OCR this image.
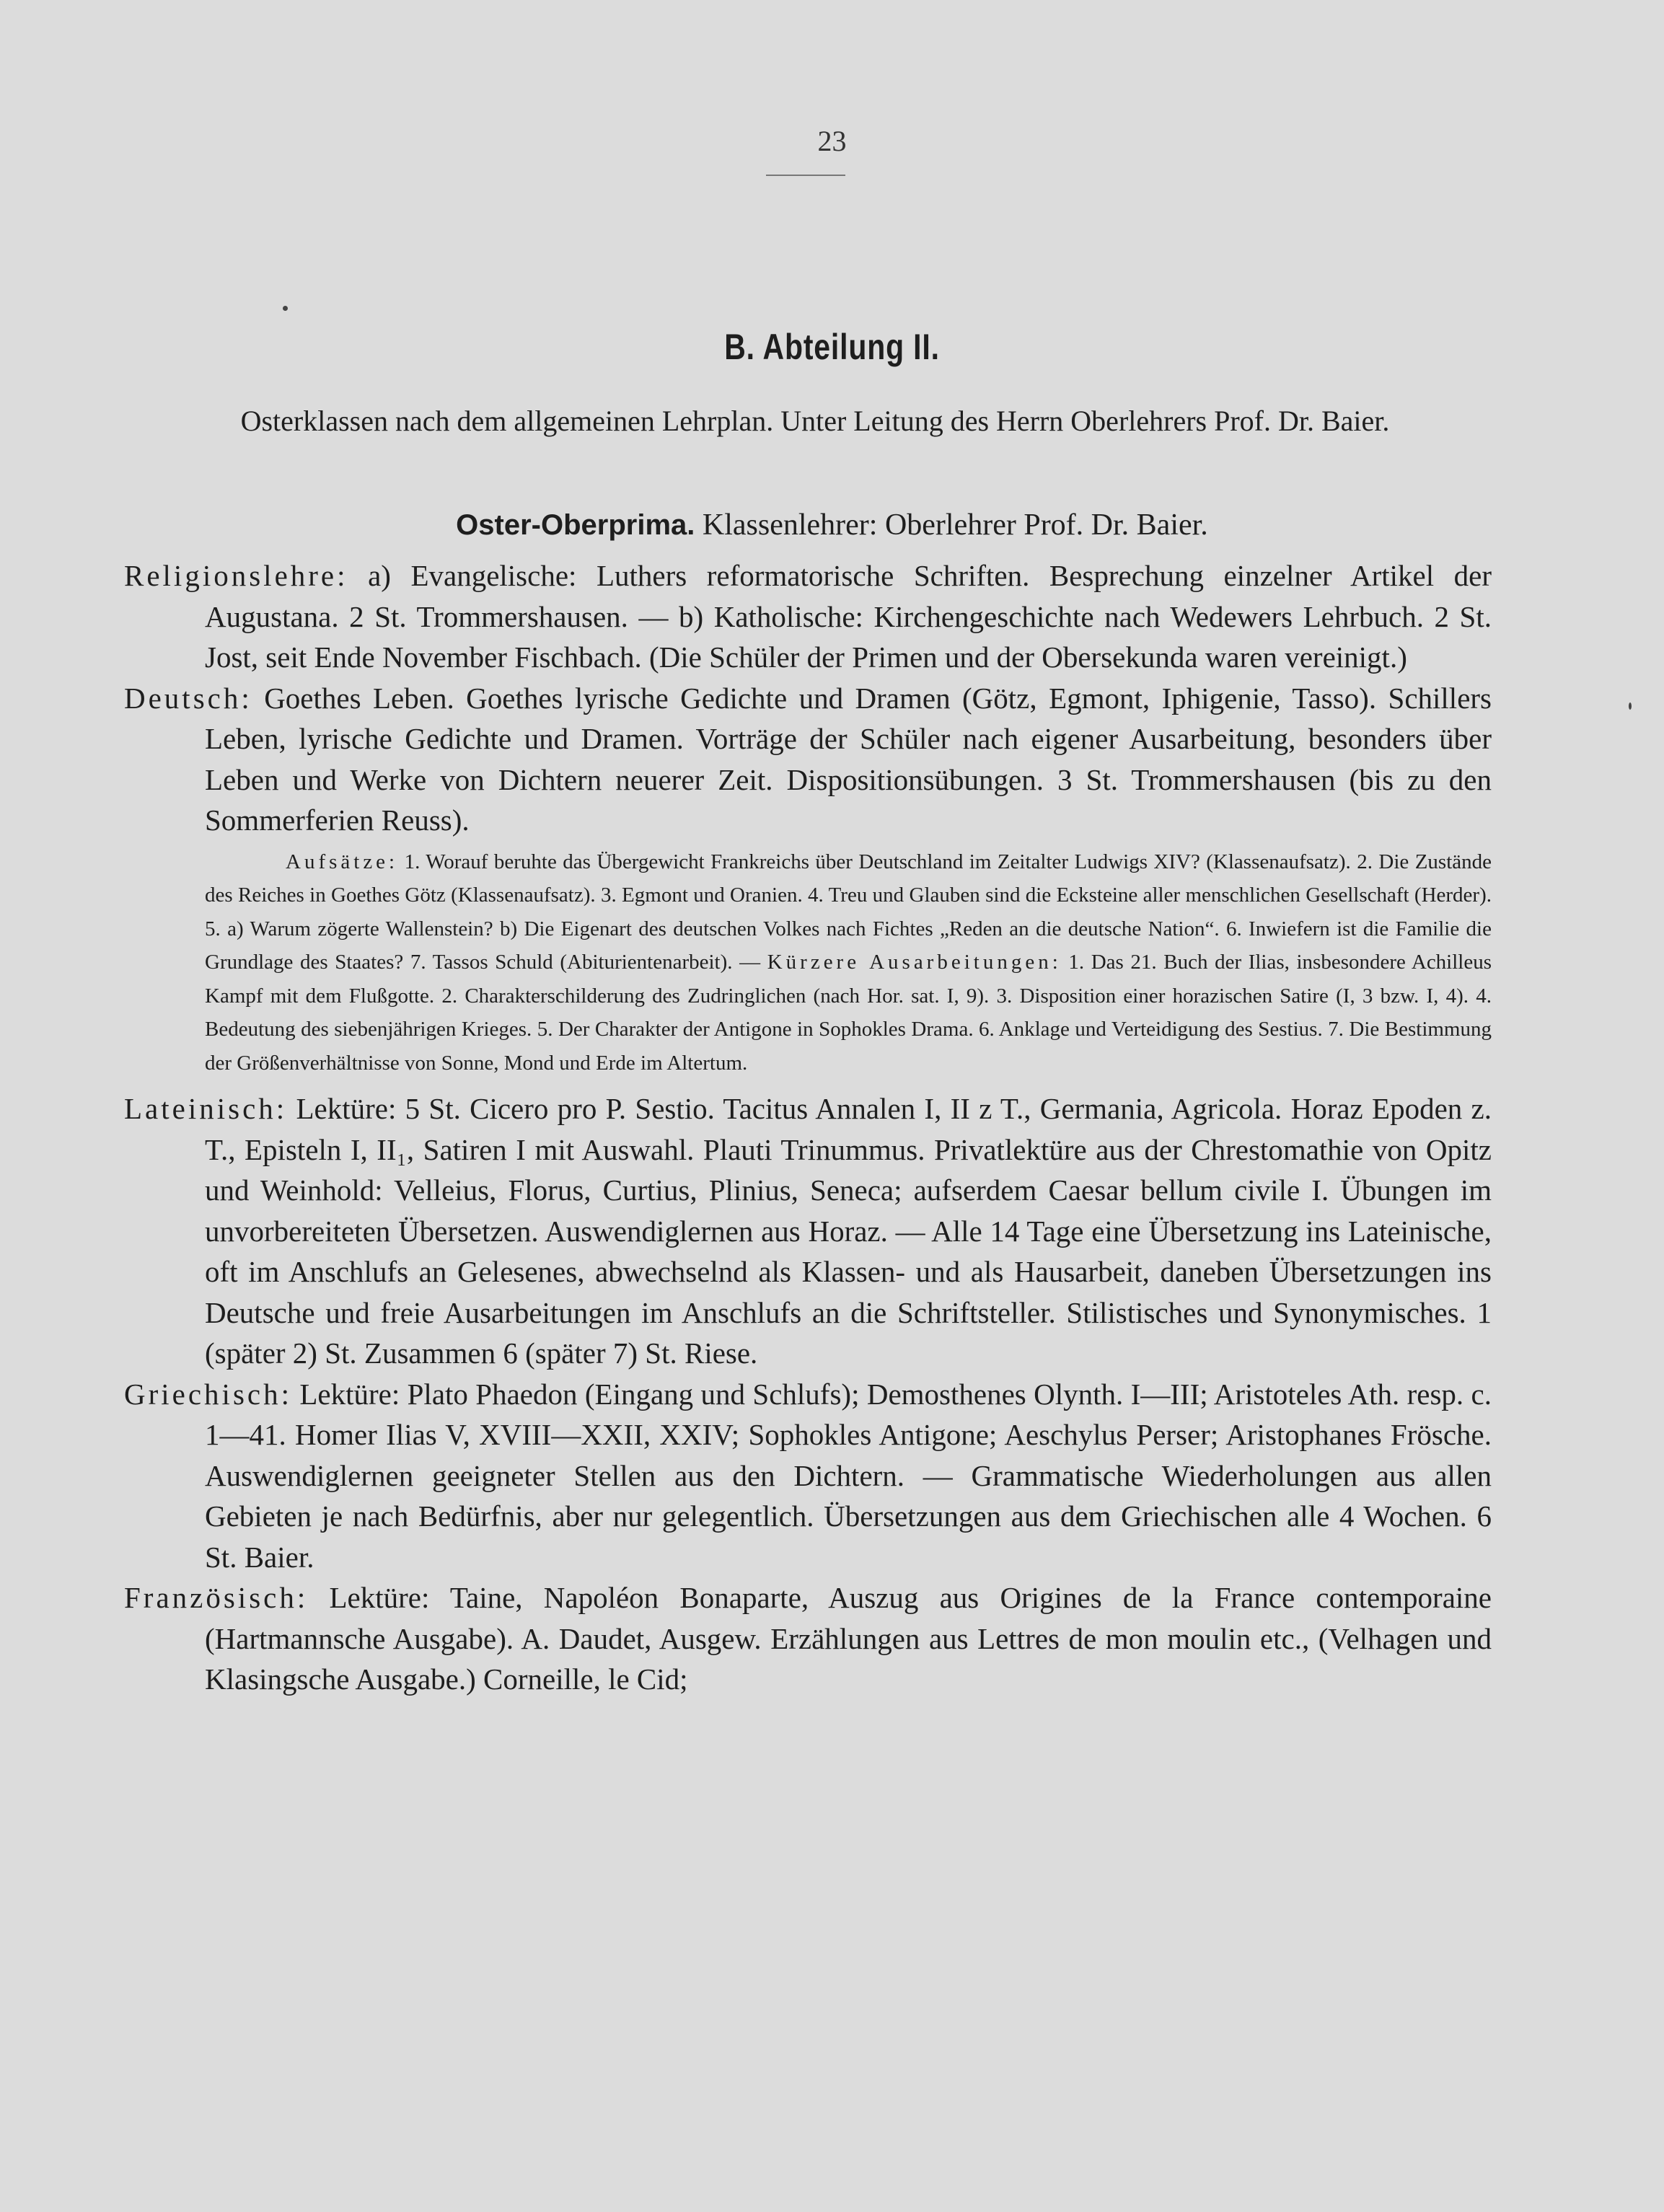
23
B. Abteilung II.
Osterklassen nach dem allgemeinen Lehrplan. Unter Leitung des Herrn Oberlehrers Prof. Dr. Baier.
Oster-Oberprima. Klassenlehrer: Oberlehrer Prof. Dr. Baier.

Religionslehre: a) Evangelische: Luthers reformatorische Schriften. Besprechung einzelner Artikel der Augustana. 2 St. Trommershausen. — b) Katholische: Kirchengeschichte nach Wedewers Lehrbuch. 2 St. Jost, seit Ende November Fischbach. (Die Schüler der Primen und der Obersekunda waren vereinigt.)

Deutsch: Goethes Leben. Goethes lyrische Gedichte und Dramen (Götz, Egmont, Iphigenie, Tasso). Schillers Leben, lyrische Gedichte und Dramen. Vorträge der Schüler nach eigener Ausarbeitung, besonders über Leben und Werke von Dichtern neuerer Zeit. Dispositionsübungen. 3 St. Trommershausen (bis zu den Sommerferien Reuss).

Aufsätze: 1. Worauf beruhte das Übergewicht Frankreichs über Deutschland im Zeitalter Ludwigs XIV? (Klassenaufsatz). 2. Die Zustände des Reiches in Goethes Götz (Klassenaufsatz). 3. Egmont und Oranien. 4. Treu und Glauben sind die Ecksteine aller menschlichen Gesellschaft (Herder). 5. a) Warum zögerte Wallenstein? b) Die Eigenart des deutschen Volkes nach Fichtes „Reden an die deutsche Nation“. 6. Inwiefern ist die Familie die Grundlage des Staates? 7. Tassos Schuld (Abiturientenarbeit). — Kürzere Ausarbeitungen: 1. Das 21. Buch der Ilias, insbesondere Achilleus Kampf mit dem Flußgotte. 2. Charakterschilderung des Zudringlichen (nach Hor. sat. I, 9). 3. Disposition einer horazischen Satire (I, 3 bzw. I, 4). 4. Bedeutung des siebenjährigen Krieges. 5. Der Charakter der Antigone in Sophokles Drama. 6. Anklage und Verteidigung des Sestius. 7. Die Bestimmung der Größenverhältnisse von Sonne, Mond und Erde im Altertum.

Lateinisch: Lektüre: 5 St. Cicero pro P. Sestio. Tacitus Annalen I, II z T., Germania, Agricola. Horaz Epoden z. T., Episteln I, II₁, Satiren I mit Auswahl. Plauti Trinummus. Privatlektüre aus der Chrestomathie von Opitz und Weinhold: Velleius, Florus, Curtius, Plinius, Seneca; aufserdem Caesar bellum civile I. Übungen im unvorbereiteten Übersetzen. Auswendiglernen aus Horaz. — Alle 14 Tage eine Übersetzung ins Lateinische, oft im Anschlufs an Gelesenes, abwechselnd als Klassen- und als Hausarbeit, daneben Übersetzungen ins Deutsche und freie Ausarbeitungen im Anschlufs an die Schriftsteller. Stilistisches und Synonymisches. 1 (später 2) St. Zusammen 6 (später 7) St. Riese.

Griechisch: Lektüre: Plato Phaedon (Eingang und Schlufs); Demosthenes Olynth. I—III; Aristoteles Ath. resp. c. 1—41. Homer Ilias V, XVIII—XXII, XXIV; Sophokles Antigone; Aeschylus Perser; Aristophanes Frösche. Auswendiglernen geeigneter Stellen aus den Dichtern. — Grammatische Wiederholungen aus allen Gebieten je nach Bedürfnis, aber nur gelegentlich. Übersetzungen aus dem Griechischen alle 4 Wochen. 6 St. Baier.

Französisch: Lektüre: Taine, Napoléon Bonaparte, Auszug aus Origines de la France contemporaine (Hartmannsche Ausgabe). A. Daudet, Ausgew. Erzählungen aus Lettres de mon moulin etc., (Velhagen und Klasingsche Ausgabe.) Corneille, le Cid;
